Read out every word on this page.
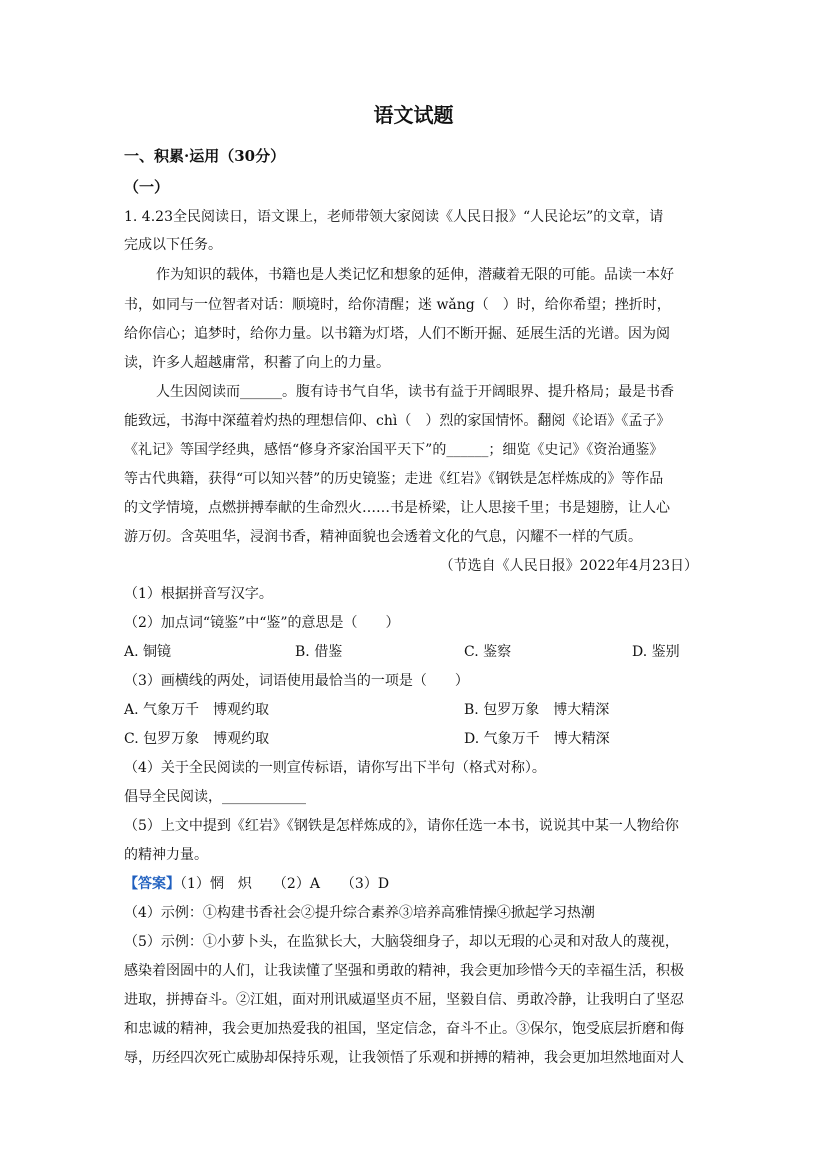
语文试题
一、积累·运用（30分）
（一）
1. 4.23全民阅读日，语文课上，老师带领大家阅读《人民日报》“人民论坛”的文章，请
完成以下任务。
作为知识的载体，书籍也是人类记忆和想象的延伸，潜藏着无限的可能。品读一本好
书，如同与一位智者对话：顺境时，给你清醒；迷 wǎng（　）时，给你希望；挫折时，
给你信心；追梦时，给你力量。以书籍为灯塔，人们不断开掘、延展生活的光谱。因为阅
读，许多人超越庸常，积蓄了向上的力量。
人生因阅读而______。腹有诗书气自华，读书有益于开阔眼界、提升格局；最是书香
能致远，书海中深蕴着灼热的理想信仰、chì（　）烈的家国情怀。翻阅《论语》《孟子》
《礼记》等国学经典，感悟“修身齐家治国平天下”的______；细览《史记》《资治通鉴》
等古代典籍，获得“可以知兴替”的历史镜鉴；走进《红岩》《钢铁是怎样炼成的》等作品
的文学情境，点燃拼搏奉献的生命烈火……书是桥梁，让人思接千里；书是翅膀，让人心
游万仞。含英咀华，浸润书香，精神面貌也会透着文化的气息，闪耀不一样的气质。
（节选自《人民日报》2022年4月23日）
（1）根据拼音写汉字。
（2）加点词“镜鉴”中“鉴”的意思是（　　）
A. 铜镜	B. 借鉴	C. 鉴察	D. 鉴别
（3）画横线的两处，词语使用最恰当的一项是（　　）
A. 气象万千　博观约取	B. 包罗万象　博大精深
C. 包罗万象　博观约取	D. 气象万千　博大精深
（4）关于全民阅读的一则宣传标语，请你写出下半句（格式对称）。
倡导全民阅读，____________
（5）上文中提到《红岩》《钢铁是怎样炼成的》，请你任选一本书，说说其中某一人物给你
的精神力量。
【答案】（1）惘　炽　　（2）A　　（3）D
（4）示例：①构建书香社会②提升综合素养③培养高雅情操④掀起学习热潮
（5）示例：①小萝卜头，在监狱长大，大脑袋细身子，却以无瑕的心灵和对敌人的蔑视，
感染着囹圄中的人们，让我读懂了坚强和勇敢的精神，我会更加珍惜今天的幸福生活，积极
进取，拼搏奋斗。②江姐，面对刑讯威逼坚贞不屈，坚毅自信、勇敢冷静，让我明白了坚忍
和忠诚的精神，我会更加热爱我的祖国，坚定信念，奋斗不止。③保尔，饱受底层折磨和侮
辱，历经四次死亡威胁却保持乐观，让我领悟了乐观和拼搏的精神，我会更加坦然地面对人
